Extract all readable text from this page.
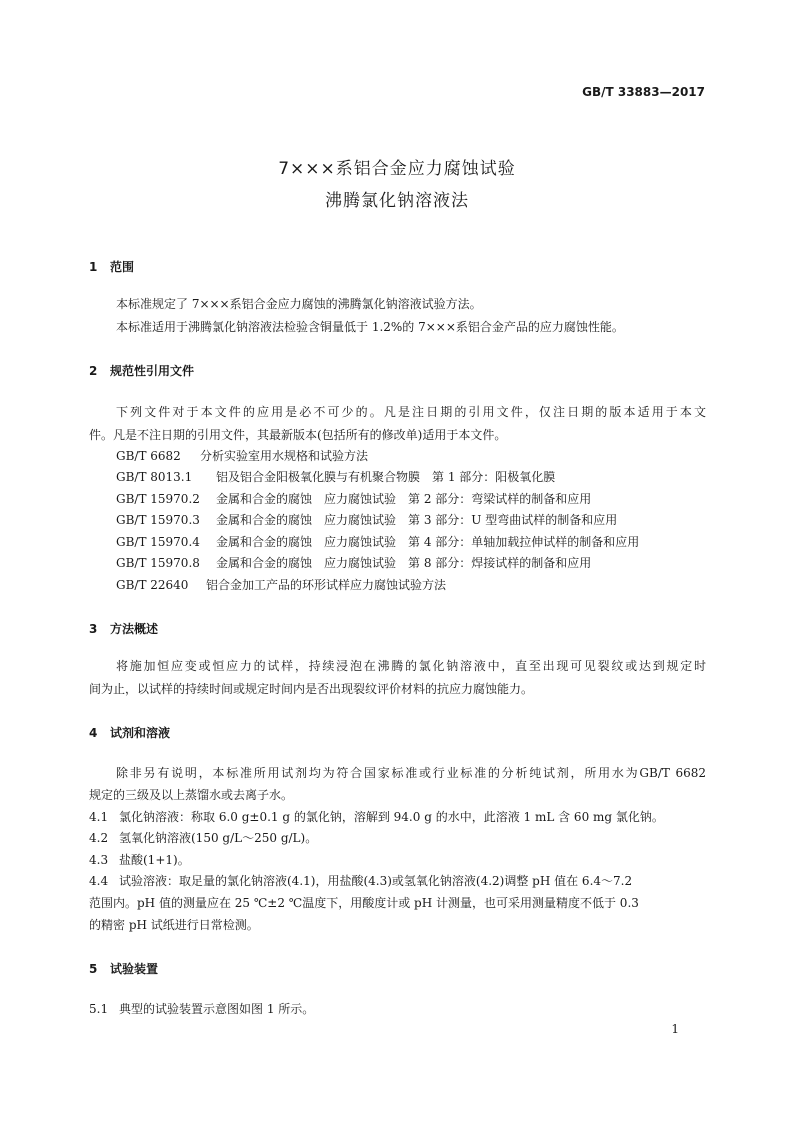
GB/T 33883—2017
7×××系铝合金应力腐蚀试验
沸腾氯化钠溶液法
1 范围
本标准规定了 7×××系铝合金应力腐蚀的沸腾氯化钠溶液试验方法。
本标准适用于沸腾氯化钠溶液法检验含铜量低于 1.2%的 7×××系铝合金产品的应力腐蚀性能。
2 规范性引用文件
下列文件对于本文件的应用是必不可少的。凡是注日期的引用文件，仅注日期的版本适用于本文
件。凡是不注日期的引用文件，其最新版本(包括所有的修改单)适用于本文件。
GB/T 6682 分析实验室用水规格和试验方法
GB/T 8013.1 铝及铝合金阳极氧化膜与有机聚合物膜　第 1 部分：阳极氧化膜
GB/T 15970.2 金属和合金的腐蚀　应力腐蚀试验　第 2 部分：弯梁试样的制备和应用
GB/T 15970.3 金属和合金的腐蚀　应力腐蚀试验　第 3 部分：U 型弯曲试样的制备和应用
GB/T 15970.4 金属和合金的腐蚀　应力腐蚀试验　第 4 部分：单轴加载拉伸试样的制备和应用
GB/T 15970.8 金属和合金的腐蚀　应力腐蚀试验　第 8 部分：焊接试样的制备和应用
GB/T 22640 铝合金加工产品的环形试样应力腐蚀试验方法
3 方法概述
将施加恒应变或恒应力的试样，持续浸泡在沸腾的氯化钠溶液中，直至出现可见裂纹或达到规定时
间为止，以试样的持续时间或规定时间内是否出现裂纹评价材料的抗应力腐蚀能力。
4 试剂和溶液
除非另有说明，本标准所用试剂均为符合国家标准或行业标准的分析纯试剂，所用水为GB/T 6682
规定的三级及以上蒸馏水或去离子水。
4.1 氯化钠溶液：称取 6.0 g±0.1 g 的氯化钠，溶解到 94.0 g 的水中，此溶液 1 mL 含 60 mg 氯化钠。
4.2 氢氧化钠溶液(150 g/L～250 g/L)。
4.3 盐酸(1+1)。
4.4 试验溶液：取足量的氯化钠溶液(4.1)，用盐酸(4.3)或氢氧化钠溶液(4.2)调整 pH 值在 6.4～7.2
范围内。pH 值的测量应在 25 ℃±2 ℃温度下，用酸度计或 pH 计测量，也可采用测量精度不低于 0.3
的精密 pH 试纸进行日常检测。
5 试验装置
5.1 典型的试验装置示意图如图 1 所示。
1
